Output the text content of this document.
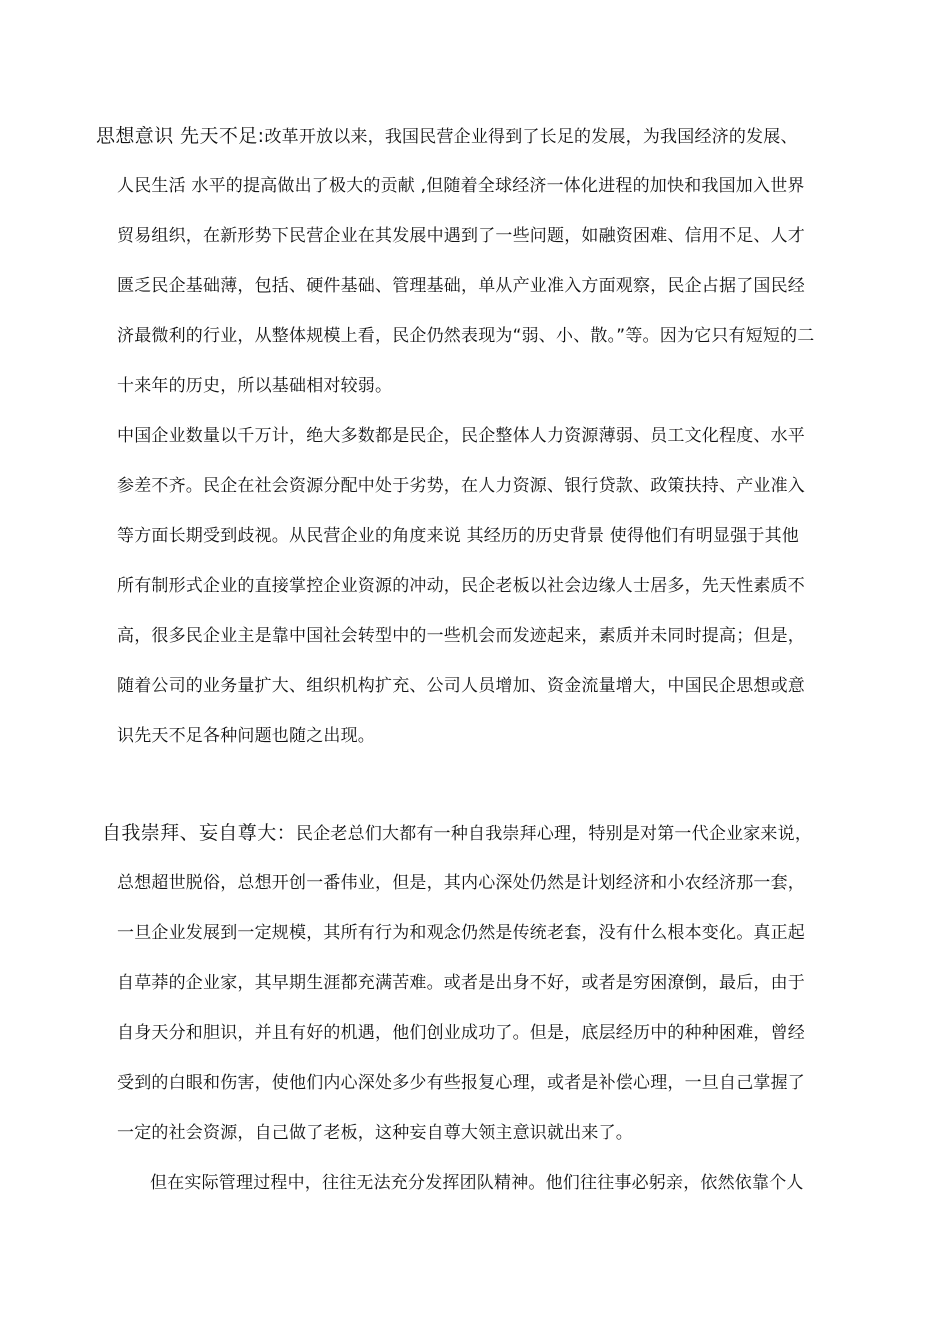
思想意识 先天不足:改革开放以来，我国民营企业得到了长足的发展，为我国经济的发展、
人民生活 水平的提高做出了极大的贡献 ,但随着全球经济一体化进程的加快和我国加入世界
贸易组织，在新形势下民营企业在其发展中遇到了一些问题，如融资困难、信用不足、人才
匮乏民企基础薄，包括、硬件基础、管理基础，单从产业准入方面观察，民企占据了国民经
济最微利的行业，从整体规模上看，民企仍然表现为“弱、小、散。”等。因为它只有短短的二
十来年的历史，所以基础相对较弱。
中国企业数量以千万计，绝大多数都是民企，民企整体人力资源薄弱、员工文化程度、水平
参差不齐。民企在社会资源分配中处于劣势，在人力资源、银行贷款、政策扶持、产业准入
等方面长期受到歧视。从民营企业的角度来说 其经历的历史背景 使得他们有明显强于其他
所有制形式企业的直接掌控企业资源的冲动，民企老板以社会边缘人士居多，先天性素质不
高，很多民企业主是靠中国社会转型中的一些机会而发迹起来，素质并未同时提高；但是，
随着公司的业务量扩大、组织机构扩充、公司人员增加、资金流量增大，中国民企思想或意
识先天不足各种问题也随之出现。
自我崇拜、妄自尊大：民企老总们大都有一种自我崇拜心理，特别是对第一代企业家来说，
总想超世脱俗，总想开创一番伟业，但是，其内心深处仍然是计划经济和小农经济那一套，
一旦企业发展到一定规模，其所有行为和观念仍然是传统老套，没有什么根本变化。真正起
自草莽的企业家，其早期生涯都充满苦难。或者是出身不好，或者是穷困潦倒，最后，由于
自身天分和胆识，并且有好的机遇，他们创业成功了。但是，底层经历中的种种困难，曾经
受到的白眼和伤害，使他们内心深处多少有些报复心理，或者是补偿心理，一旦自己掌握了
一定的社会资源，自己做了老板，这种妄自尊大领主意识就出来了。
但在实际管理过程中，往往无法充分发挥团队精神。他们往往事必躬亲，依然依靠个人
